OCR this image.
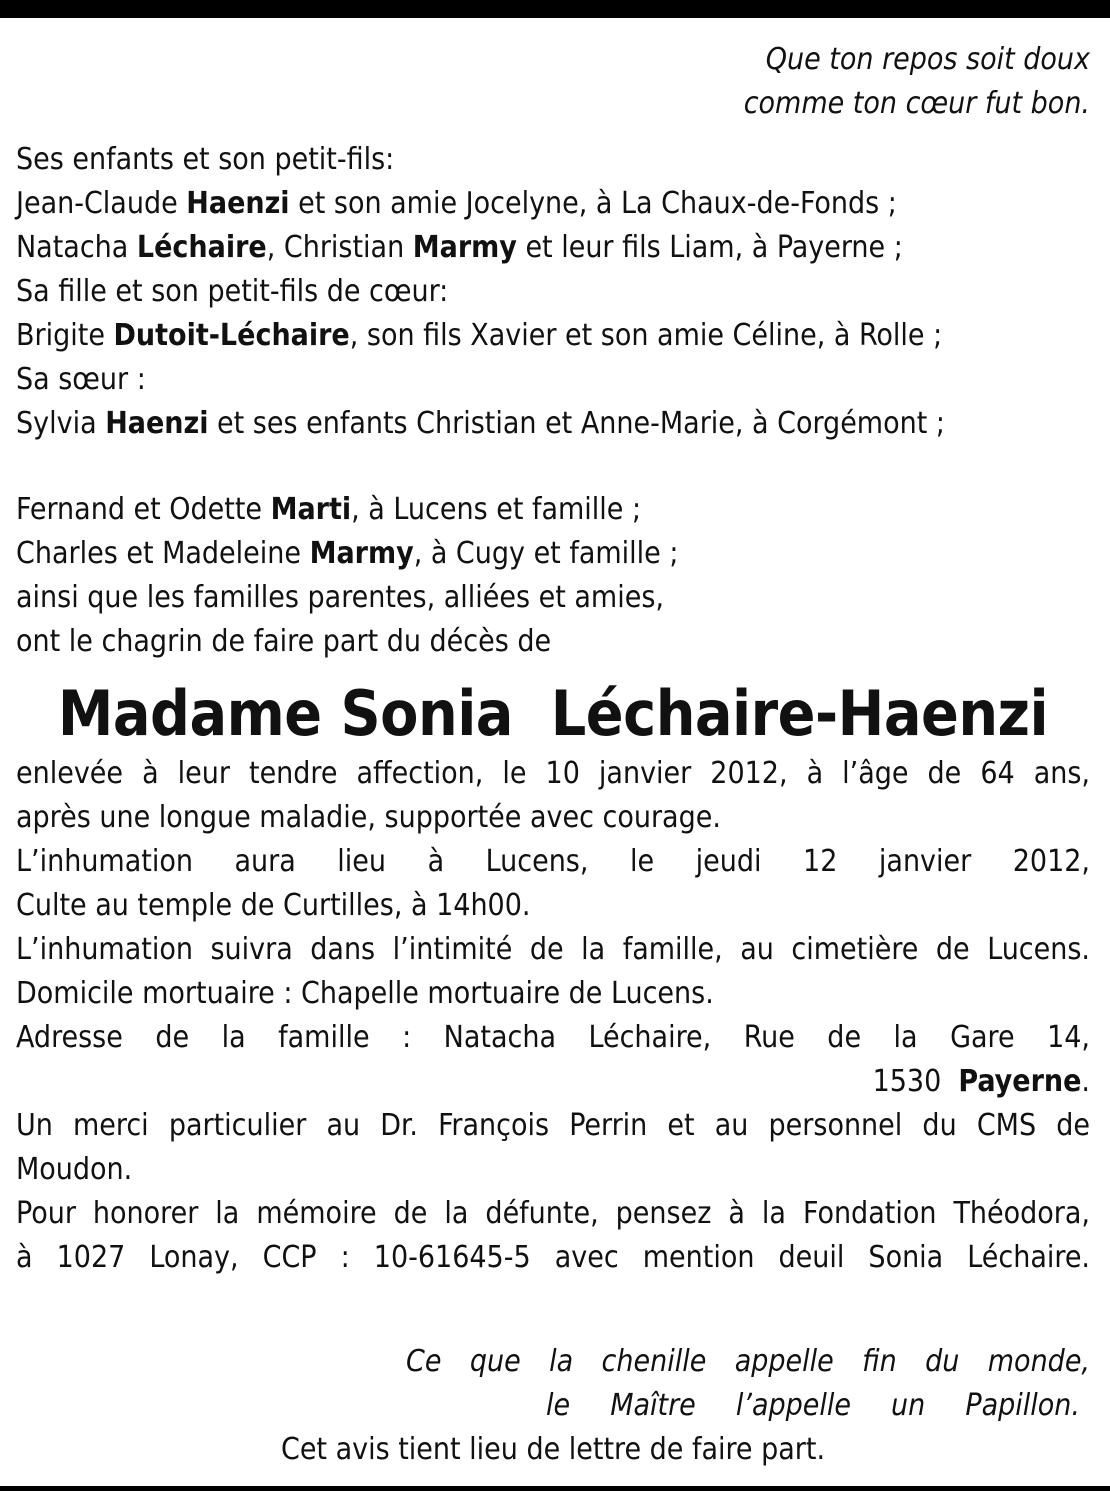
Que ton repos soit doux
comme ton cœur fut bon.
Ses enfants et son petit-fils:
Jean-Claude Haenzi et son amie Jocelyne, à La Chaux-de-Fonds ;
Natacha Léchaire, Christian Marmy et leur fils Liam, à Payerne ;
Sa fille et son petit-fils de cœur:
Brigite Dutoit-Léchaire, son fils Xavier et son amie Céline, à Rolle ;
Sa sœur :
Sylvia Haenzi et ses enfants Christian et Anne-Marie, à Corgémont ;
Fernand et Odette Marti, à Lucens et famille ;
Charles et Madeleine Marmy, à Cugy et famille ;
ainsi que les familles parentes, alliées et amies,
ont le chagrin de faire part du décès de
Madame Sonia  Léchaire-Haenzi
enlevée à leur tendre affection, le 10 janvier 2012, à l’âge de 64 ans,
après une longue maladie, supportée avec courage.
L’inhumation aura lieu à Lucens, le jeudi 12 janvier 2012,
Culte au temple de Curtilles, à 14h00.
L’inhumation suivra dans l’intimité de la famille, au cimetière de Lucens.
Domicile mortuaire : Chapelle mortuaire de Lucens.
Adresse de la famille : Natacha Léchaire, Rue de la Gare 14,
1530  Payerne.
Un merci particulier au Dr. François Perrin et au personnel du CMS de
Moudon.
Pour honorer la mémoire de la défunte, pensez à la Fondation Théodora,
à 1027 Lonay, CCP : 10-61645-5 avec mention deuil Sonia Léchaire.
Ce que la chenille appelle fin du monde,
le Maître l’appelle un Papillon.
Cet avis tient lieu de lettre de faire part.
